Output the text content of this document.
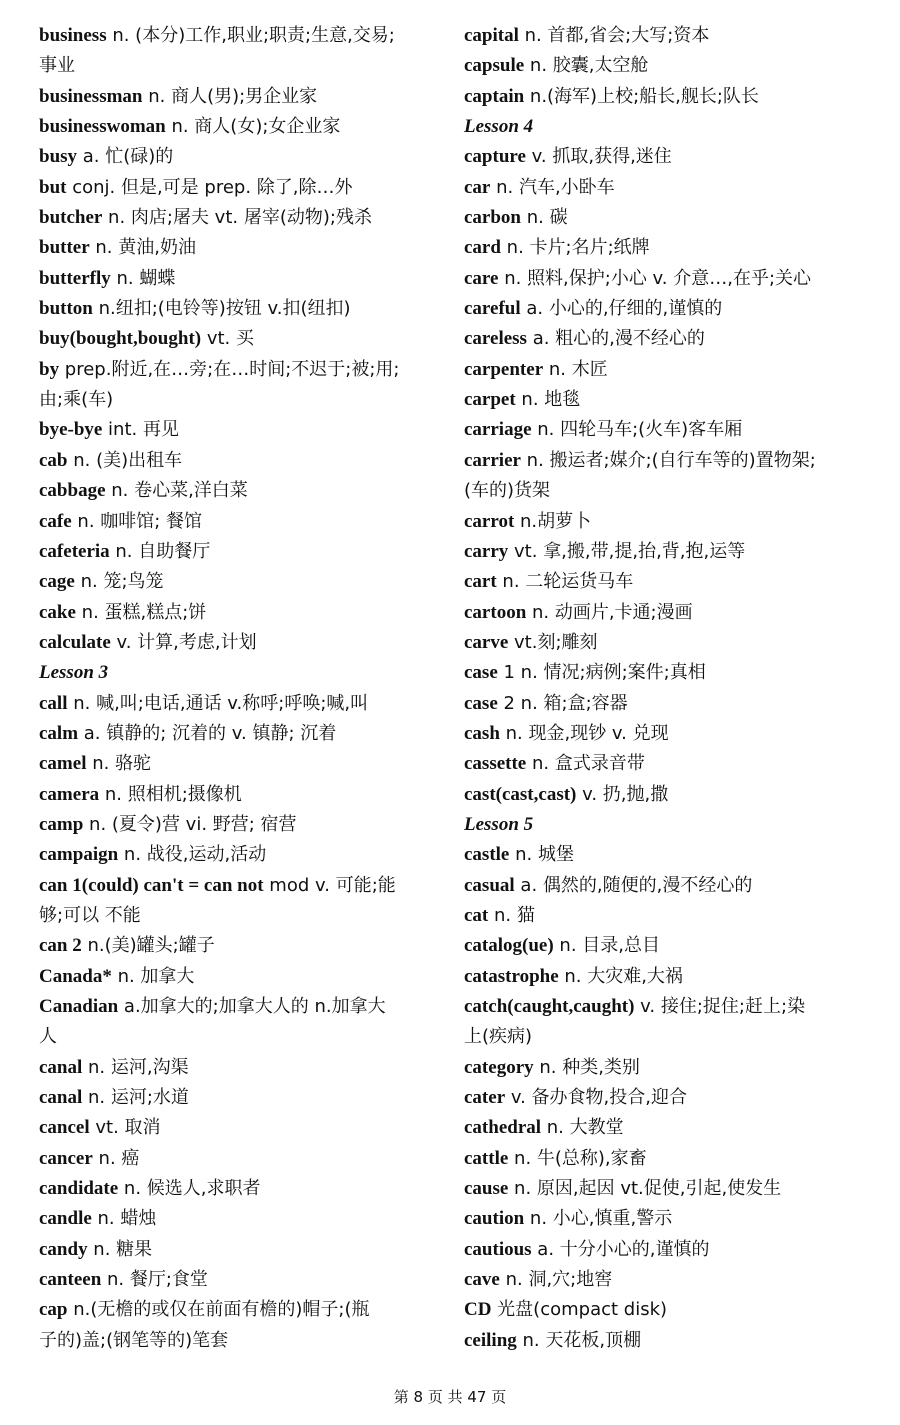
business n. (本分)工作,职业;职责;生意,交易;
事业
businessman n. 商人(男);男企业家
businesswoman n. 商人(女);女企业家
busy a. 忙(碌)的
but conj. 但是,可是 prep. 除了,除…外
butcher n. 肉店;屠夫 vt. 屠宰(动物);残杀
butter n. 黄油,奶油
butterfly n. 蝴蝶
button n.纽扣;(电铃等)按钮 v.扣(纽扣)
buy(bought,bought) vt. 买
by prep.附近,在…旁;在…时间;不迟于;被;用;
由;乘(车)
bye-bye int. 再见
cab n. (美)出租车
cabbage n. 卷心菜,洋白菜
cafe n. 咖啡馆; 餐馆
cafeteria n. 自助餐厅
cage n. 笼;鸟笼
cake n. 蛋糕,糕点;饼
calculate v. 计算,考虑,计划
Lesson 3
call n. 喊,叫;电话,通话 v.称呼;呼唤;喊,叫
calm a. 镇静的; 沉着的 v. 镇静; 沉着
camel n. 骆驼
camera n. 照相机;摄像机
camp n. (夏令)营 vi. 野营; 宿营
campaign n. 战役,运动,活动
can 1(could) can't = can not mod v. 可能;能
够;可以 不能
can 2 n.(美)罐头;罐子
Canada* n. 加拿大
Canadian a.加拿大的;加拿大人的 n.加拿大
人
canal n. 运河,沟渠
canal n. 运河;水道
cancel vt. 取消
cancer n. 癌
candidate n. 候选人,求职者
candle n. 蜡烛
candy n. 糖果
canteen n. 餐厅;食堂
cap n.(无檐的或仅在前面有檐的)帽子;(瓶
子的)盖;(钢笔等的)笔套
capital n. 首都,省会;大写;资本
capsule n. 胶囊,太空舱
captain n.(海军)上校;船长,舰长;队长
Lesson 4
capture v. 抓取,获得,迷住
car n. 汽车,小卧车
carbon n. 碳
card n. 卡片;名片;纸牌
care n. 照料,保护;小心 v. 介意…,在乎;关心
careful a. 小心的,仔细的,谨慎的
careless a. 粗心的,漫不经心的
carpenter n. 木匠
carpet n. 地毯
carriage n. 四轮马车;(火车)客车厢
carrier n. 搬运者;媒介;(自行车等的)置物架;
(车的)货架
carrot n.胡萝卜
carry vt. 拿,搬,带,提,抬,背,抱,运等
cart n. 二轮运货马车
cartoon n. 动画片,卡通;漫画
carve vt.刻;雕刻
case 1 n. 情况;病例;案件;真相
case 2 n. 箱;盒;容器
cash n. 现金,现钞 v. 兑现
cassette n. 盒式录音带
cast(cast,cast) v. 扔,抛,撒
Lesson 5
castle n. 城堡
casual a. 偶然的,随便的,漫不经心的
cat n. 猫
catalog(ue) n. 目录,总目
catastrophe n. 大灾难,大祸
catch(caught,caught) v. 接住;捉住;赶上;染
上(疾病)
category n. 种类,类别
cater v. 备办食物,投合,迎合
cathedral n. 大教堂
cattle n. 牛(总称),家畜
cause n. 原因,起因 vt.促使,引起,使发生
caution n. 小心,慎重,警示
cautious a. 十分小心的,谨慎的
cave n. 洞,穴;地窖
CD 光盘(compact disk)
ceiling n. 天花板,顶棚
第 8 页 共 47 页
